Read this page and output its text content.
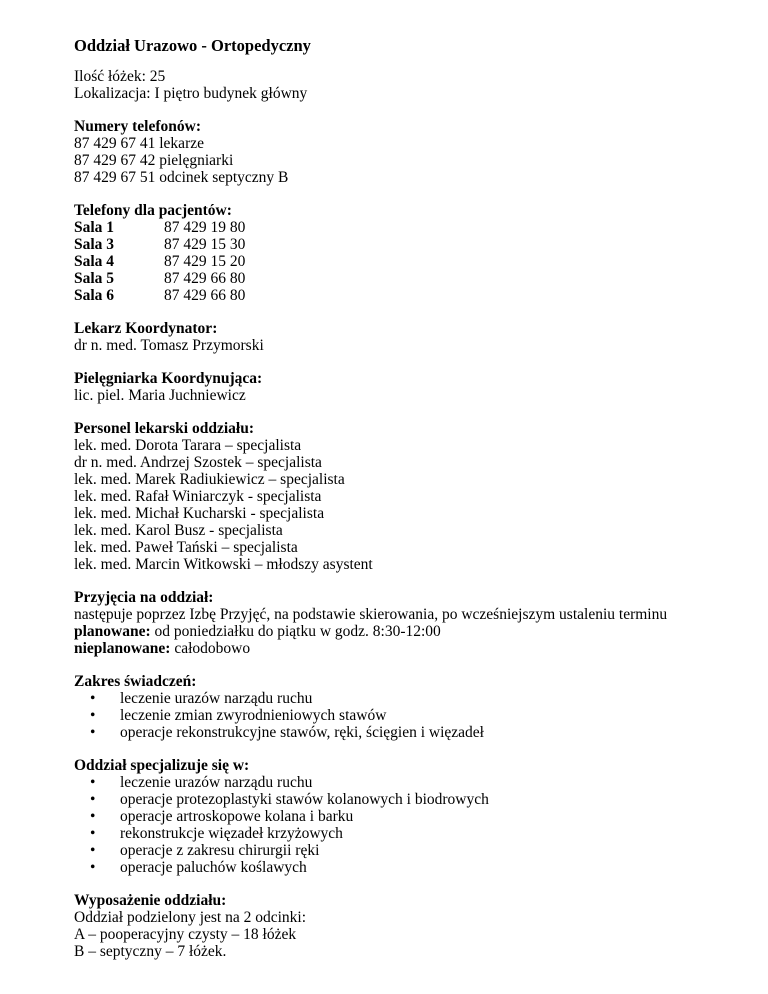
Oddział Urazowo - Ortopedyczny
Ilość łóżek: 25
Lokalizacja: I piętro budynek główny
Numery telefonów:
87 429 67 41 lekarze
87 429 67 42 pielęgniarki
87 429 67 51 odcinek septyczny B
Telefony dla pacjentów:
Sala 1	87 429 19 80
Sala 3	87 429 15 30
Sala 4	87 429 15 20
Sala 5	87 429 66 80
Sala 6	87 429 66 80
Lekarz Koordynator:
dr n. med. Tomasz Przymorski
Pielęgniarka Koordynująca:
lic. piel. Maria Juchniewicz
Personel lekarski oddziału:
lek. med. Dorota Tarara – specjalista
dr n. med. Andrzej Szostek – specjalista
lek. med. Marek Radiukiewicz – specjalista
lek. med. Rafał Winiarczyk - specjalista
lek. med. Michał Kucharski - specjalista
lek. med. Karol Busz - specjalista
lek. med. Paweł Tański – specjalista
lek. med. Marcin Witkowski – młodszy asystent
Przyjęcia na oddział:
następuje poprzez Izbę Przyjęć, na podstawie skierowania, po wcześniejszym ustaleniu terminu
planowane: od poniedziałku do piątku w godz. 8:30-12:00
nieplanowane: całodobowo
Zakres świadczeń:
• leczenie urazów narządu ruchu
• leczenie zmian zwyrodnieniowych stawów
• operacje rekonstrukcyjne stawów, ręki, ścięgien i więzadeł
Oddział specjalizuje się w:
• leczenie urazów narządu ruchu
• operacje protezoplastyki stawów kolanowych i biodrowych
• operacje artroskopowe kolana i barku
• rekonstrukcje więzadeł krzyżowych
• operacje z zakresu chirurgii ręki
• operacje paluchów koślawych
Wyposażenie oddziału:
Oddział podzielony jest na 2 odcinki:
A – pooperacyjny czysty – 18 łóżek
B – septyczny – 7 łóżek.
